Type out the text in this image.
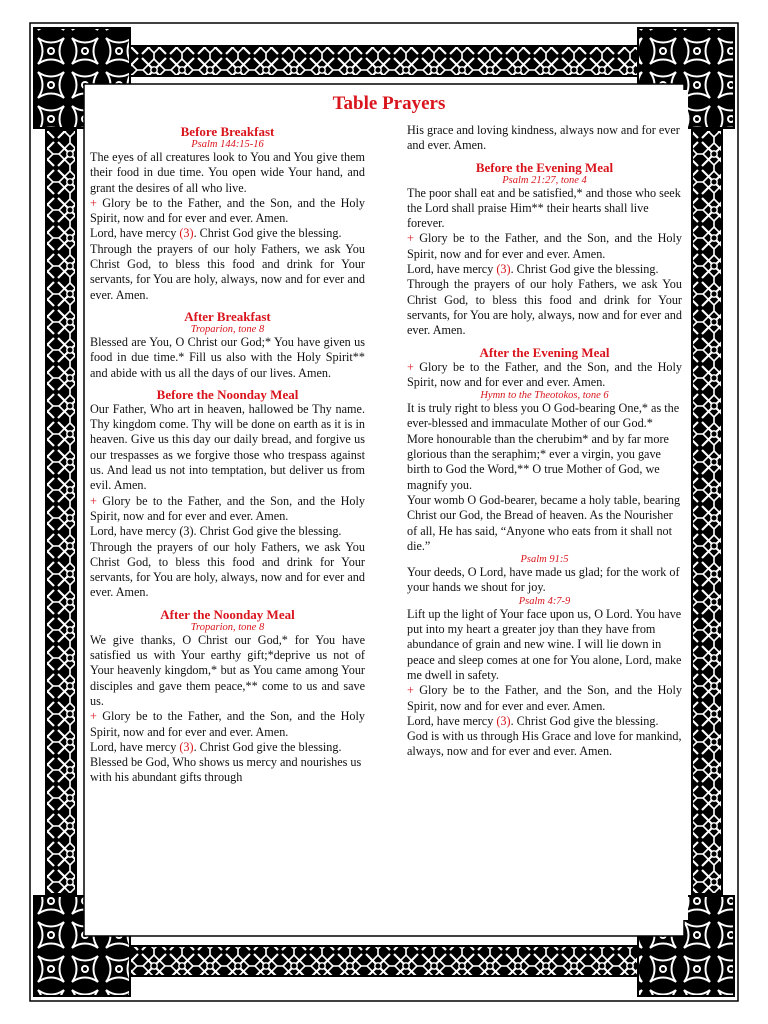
Table Prayers
Before Breakfast
Psalm 144:15-16

The eyes of all creatures look to You and You give them their food in due time. You open wide Your hand, and grant the desires of all who live.

+ Glory be to the Father, and the Son, and the Holy Spirit, now and for ever and ever. Amen.

Lord, have mercy (3). Christ God give the blessing.

Through the prayers of our holy Fathers, we ask You Christ God, to bless this food and drink for Your servants, for You are holy, always, now and for ever and ever. Amen.

After Breakfast
Troparion, tone 8

Blessed are You, O Christ our God;* You have given us food in due time.* Fill us also with the Holy Spirit** and abide with us all the days of our lives. Amen.

Before the Noonday Meal

Our Father, Who art in heaven, hallowed be Thy name. Thy kingdom come. Thy will be done on earth as it is in heaven. Give us this day our daily bread, and forgive us our trespasses as we forgive those who trespass against us. And lead us not into temptation, but deliver us from evil. Amen.

+ Glory be to the Father, and the Son, and the Holy Spirit, now and for ever and ever. Amen.

Lord, have mercy (3). Christ God give the blessing.

Through the prayers of our holy Fathers, we ask You Christ God, to bless this food and drink for Your servants, for You are holy, always, now and for ever and ever. Amen.

After the Noonday Meal
Troparion, tone 8

We give thanks, O Christ our God,* for You have satisfied us with Your earthy gift;*deprive us not of Your heavenly kingdom,* but as You came among Your disciples and gave them peace,** come to us and save us.

+ Glory be to the Father, and the Son, and the Holy Spirit, now and for ever and ever. Amen.

Lord, have mercy (3). Christ God give the blessing.

Blessed be God, Who shows us mercy and nourishes us with his abundant gifts through

His grace and loving kindness, always now and for ever and ever. Amen.

Before the Evening Meal
Psalm 21:27, tone 4

The poor shall eat and be satisfied,* and those who seek the Lord shall praise Him** their hearts shall live forever.

+ Glory be to the Father, and the Son, and the Holy Spirit, now and for ever and ever. Amen.

Lord, have mercy (3). Christ God give the blessing.

Through the prayers of our holy Fathers, we ask You Christ God, to bless this food and drink for Your servants, for You are holy, always, now and for ever and ever. Amen.

After the Evening Meal

+ Glory be to the Father, and the Son, and the Holy Spirit, now and for ever and ever. Amen.

Hymn to the Theotokos, tone 6

It is truly right to bless you O God-bearing One,* as the ever-blessed and immaculate Mother of our God.* More honourable than the cherubim* and by far more glorious than the seraphim;* ever a virgin, you gave birth to God the Word,** O true Mother of God, we magnify you.

Your womb O God-bearer, became a holy table, bearing Christ our God, the Bread of heaven. As the Nourisher of all, He has said, “Anyone who eats from it shall not die.”

Psalm 91:5

Your deeds, O Lord, have made us glad; for the work of your hands we shout for joy.

Psalm 4:7-9

Lift up the light of Your face upon us, O Lord. You have put into my heart a greater joy than they have from abundance of grain and new wine. I will lie down in peace and sleep comes at one for You alone, Lord, make me dwell in safety.

+ Glory be to the Father, and the Son, and the Holy Spirit, now and for ever and ever. Amen.

Lord, have mercy (3). Christ God give the blessing.

God is with us through His Grace and love for mankind, always, now and for ever and ever. Amen.
